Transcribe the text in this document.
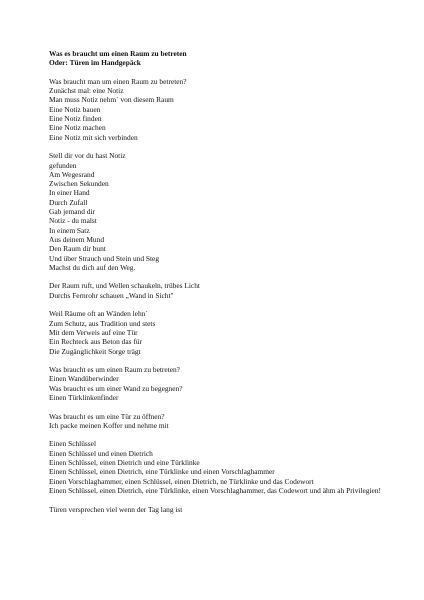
Was es braucht um einen Raum zu betreten
Oder: Türen im Handgepäck
Was braucht man um einen Raum zu betreten?
Zunächst mal: eine Notiz
Man muss Notiz nehm´ von diesem Raum
Eine Notiz bauen
Eine Notiz finden
Eine Notiz machen
Eine Notiz mit sich verbinden
Stell dir vor du hast Notiz
gefunden
Am Wegesrand
Zwischen Sekunden
In einer Hand
Durch Zufall
Gab jemand dir
Notiz - du malst
In einem Satz
Aus deinem Mund
Den Raum dir bunt
Und über Strauch und Stein und Steg
Machst du dich auf den Weg.
Der Raum ruft, und Wellen schaukeln, trübes Licht
Durchs Fernrohr schauen „Wand in Sicht"
Weil Räume oft an Wänden lehn´
Zum Schutz, aus Tradition und stets
Mit dem Verweis auf eine Tür
Ein Rechteck aus Beton das für
Die Zugänglichkeit Sorge trägt
Was braucht es um einen Raum zu betreten?
Einen Wandüberwinder
Was braucht es um einer Wand zu begegnen?
Einen Türklinkenfinder
Was braucht es um eine Tür zu öffnen?
Ich packe meinen Koffer und nehme mit
Einen Schlüssel
Einen Schlüssel und einen Dietrich
Einen Schlüssel, einen Dietrich und eine Türklinke
Einen Schlüssel, einen Dietrich, eine Türklinke und einen Vorschlaghammer
Einen Vorschlaghammer, einen Schlüssel, einen Dietrich, ne Türklinke und das Codewort
Einen Schlüssel, einen Dietrich, eine Türklinke, einen Vorschlaghammer, das Codewort und ähm ah Privilegien!
Türen versprechen viel wenn der Tag lang ist
